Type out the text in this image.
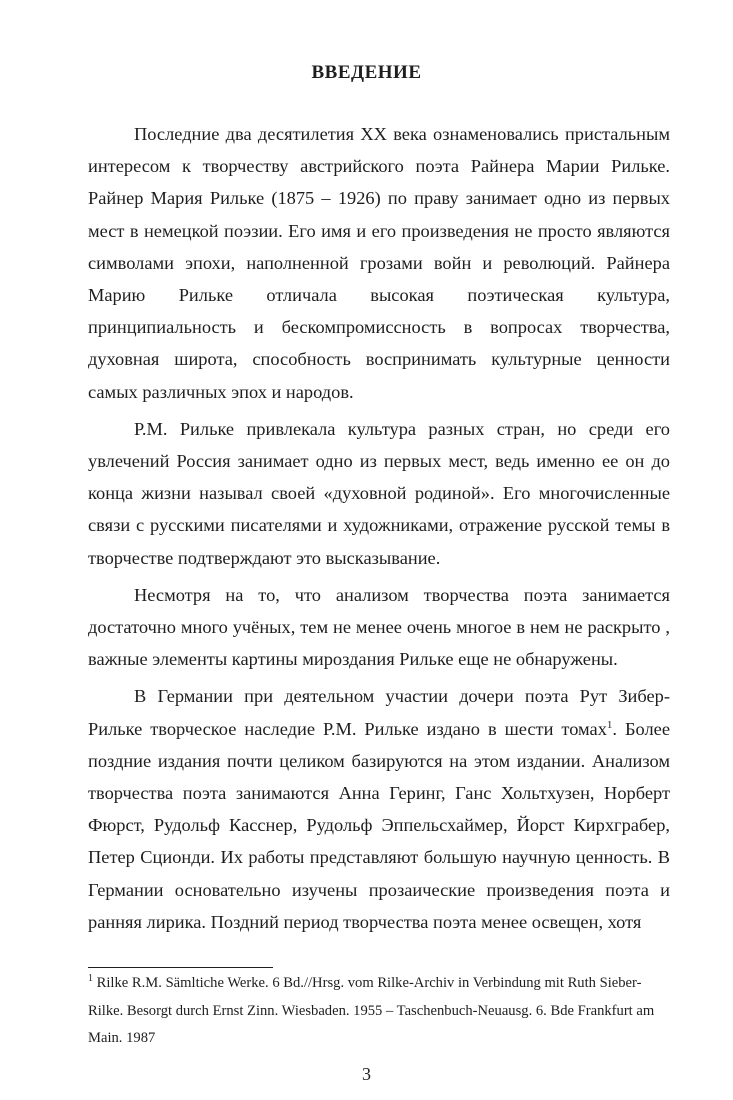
ВВЕДЕНИЕ

Последние два десятилетия XX века ознаменовались пристальным интересом к творчеству австрийского поэта Райнера Марии Рильке. Райнер Мария Рильке (1875 – 1926) по праву занимает одно из первых мест в немецкой поэзии. Его имя и его произведения не просто являются символами эпохи, наполненной грозами войн и революций. Райнера Марию Рильке отличала высокая поэтическая культура, принципиальность и бескомпромиссность в вопросах творчества, духовная широта, способность воспринимать культурные ценности самых различных эпох и народов.

Р.М. Рильке привлекала культура разных стран, но среди его увлечений Россия занимает одно из первых мест, ведь именно ее он до конца жизни называл своей «духовной родиной». Его многочисленные связи с русскими писателями и художниками, отражение русской темы в творчестве подтверждают это высказывание.

Несмотря на то, что анализом творчества поэта занимается достаточно много учёных, тем не менее очень многое в нем не раскрыто , важные элементы картины мироздания Рильке еще не обнаружены.

В Германии при деятельном участии дочери поэта Рут Зибер-Рильке творческое наследие Р.М. Рильке издано в шести томах$^1$. Более поздние издания почти целиком базируются на этом издании. Анализом творчества поэта занимаются Анна Геринг, Ганс Хольтхузен, Норберт Фюрст, Рудольф Касснер, Рудольф Эппельсхаймер, Йорст Кирхграбер, Петер Сционди. Их работы представляют большую научную ценность. В Германии основательно изучены прозаические произведения поэта и ранняя лирика. Поздний период творчества поэта менее освещен, хотя

$^1$ Rilke R.M. Sämltiche Werke. 6 Bd.//Hrsg. vom Rilke-Archiv in Verbindung mit Ruth Sieber-Rilke. Besorgt durch Ernst Zinn. Wiesbaden. 1955 – Taschenbuch-Neuausg. 6. Bde Frankfurt am Main. 1987
3
